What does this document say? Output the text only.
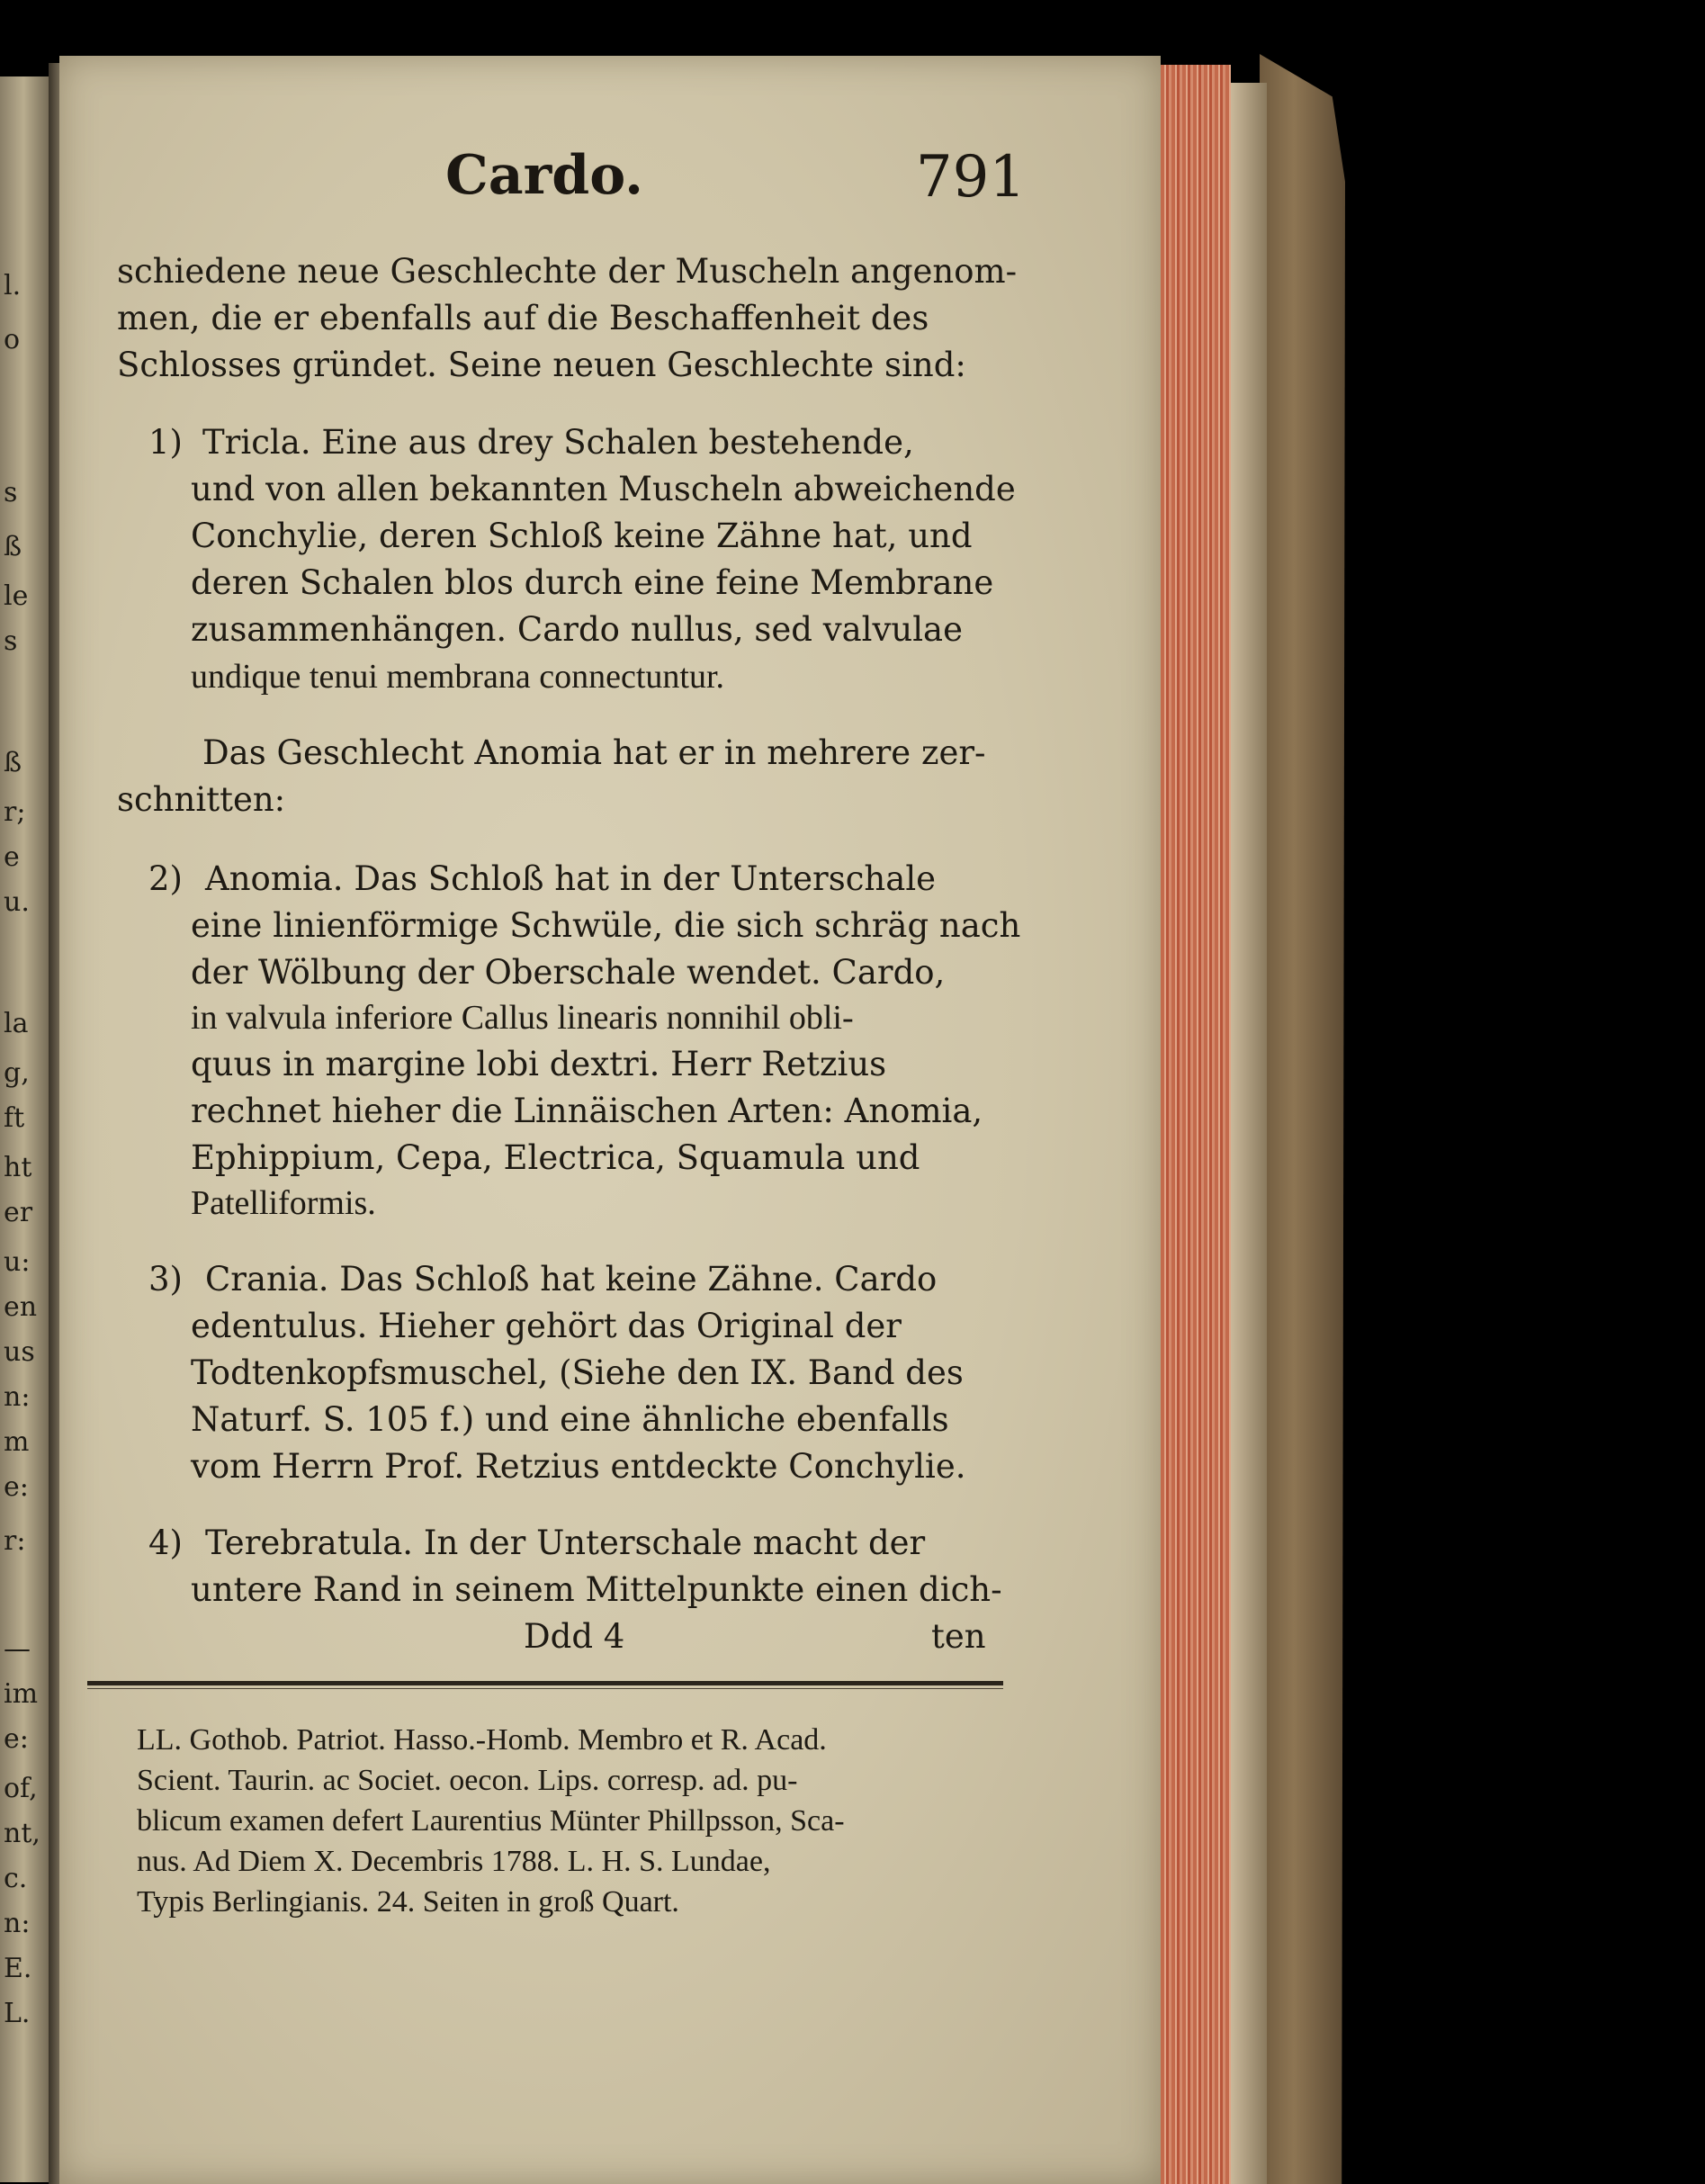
l.
o
s
ß
le
s
ß
r;
e
u.
la
g,
ft
ht
er
u:
en
us
n:
m
e:
r:
—
im
e:
of,
nt,
c.
n:
E.
L.
Cardo.	791
schiedene neue Geschlechte der Muscheln angenom-
men, die er ebenfalls auf die Beschaffenheit des
Schlosses gründet. Seine neuen Geschlechte sind:
1) Tricla. Eine aus drey Schalen bestehende,
und von allen bekannten Muscheln abweichende
Conchylie, deren Schloß keine Zähne hat, und
deren Schalen blos durch eine feine Membrane
zusammenhängen. Cardo nullus, sed valvulae
undique tenui membrana connectuntur.
Das Geschlecht Anomia hat er in mehrere zer-
schnitten:
2) Anomia. Das Schloß hat in der Unterschale
eine linienförmige Schwüle, die sich schräg nach
der Wölbung der Oberschale wendet. Cardo,
in valvula inferiore Callus linearis nonnihil obli-
quus in margine lobi dextri. Herr Retzius
rechnet hieher die Linnäischen Arten: Anomia,
Ephippium, Cepa, Electrica, Squamula und
Patelliformis.
3) Crania. Das Schloß hat keine Zähne. Cardo
edentulus. Hieher gehört das Original der
Todtenkopfsmuschel, (Siehe den IX. Band des
Naturf. S. 105 f.) und eine ähnliche ebenfalls
vom Herrn Prof. Retzius entdeckte Conchylie.
4) Terebratula. In der Unterschale macht der
untere Rand in seinem Mittelpunkte einen dich-
Ddd 4	ten
LL. Gothob. Patriot. Hasso.-Homb. Membro et R. Acad.
Scient. Taurin. ac Societ. oecon. Lips. corresp. ad. pu-
blicum examen defert Laurentius Münter Phillpsson, Sca-
nus. Ad Diem X. Decembris 1788. L. H. S. Lundae,
Typis Berlingianis. 24. Seiten in groß Quart.
